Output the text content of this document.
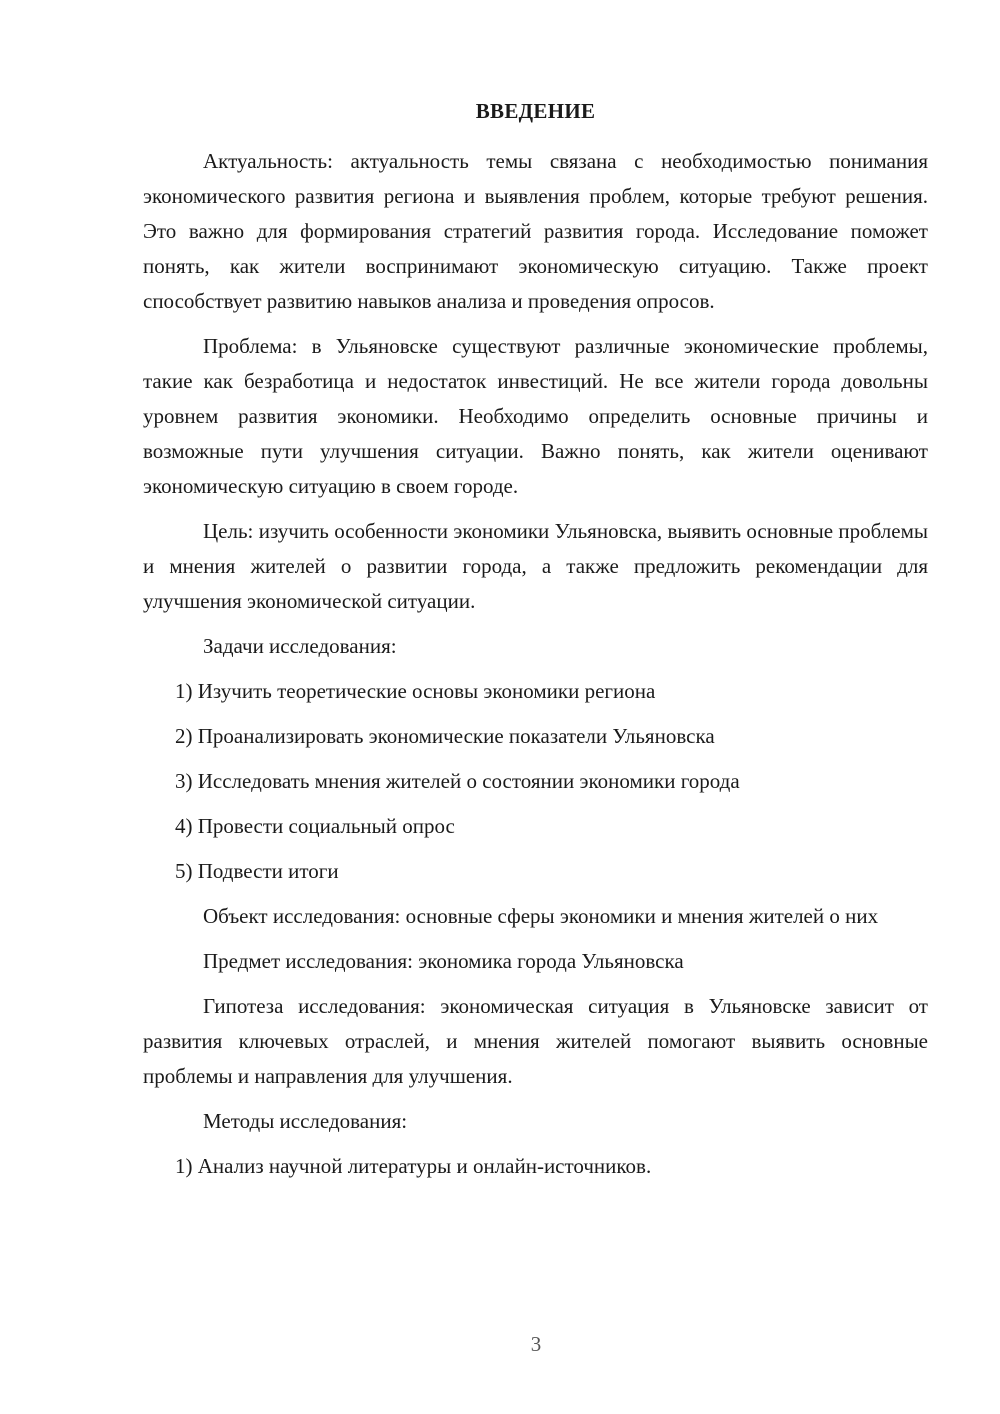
ВВЕДЕНИЕ

Актуальность: актуальность темы связана с необходимостью понимания экономического развития региона и выявления проблем, которые требуют решения. Это важно для формирования стратегий развития города. Исследование поможет понять, как жители воспринимают экономическую ситуацию. Также проект способствует развитию навыков анализа и проведения опросов.

Проблема: в Ульяновске существуют различные экономические проблемы, такие как безработица и недостаток инвестиций. Не все жители города довольны уровнем развития экономики. Необходимо определить основные причины и возможные пути улучшения ситуации. Важно понять, как жители оценивают экономическую ситуацию в своем городе.

Цель: изучить особенности экономики Ульяновска, выявить основные проблемы и мнения жителей о развитии города, а также предложить рекомендации для улучшения экономической ситуации.

Задачи исследования:

1) Изучить теоретические основы экономики региона
2) Проанализировать экономические показатели Ульяновска
3) Исследовать мнения жителей о состоянии экономики города
4) Провести социальный опрос
5) Подвести итоги

Объект исследования: основные сферы экономики и мнения жителей о них

Предмет исследования: экономика города Ульяновска

Гипотеза исследования: экономическая ситуация в Ульяновске зависит от развития ключевых отраслей, и мнения жителей помогают выявить основные проблемы и направления для улучшения.

Методы исследования:

1) Анализ научной литературы и онлайн-источников.
3
